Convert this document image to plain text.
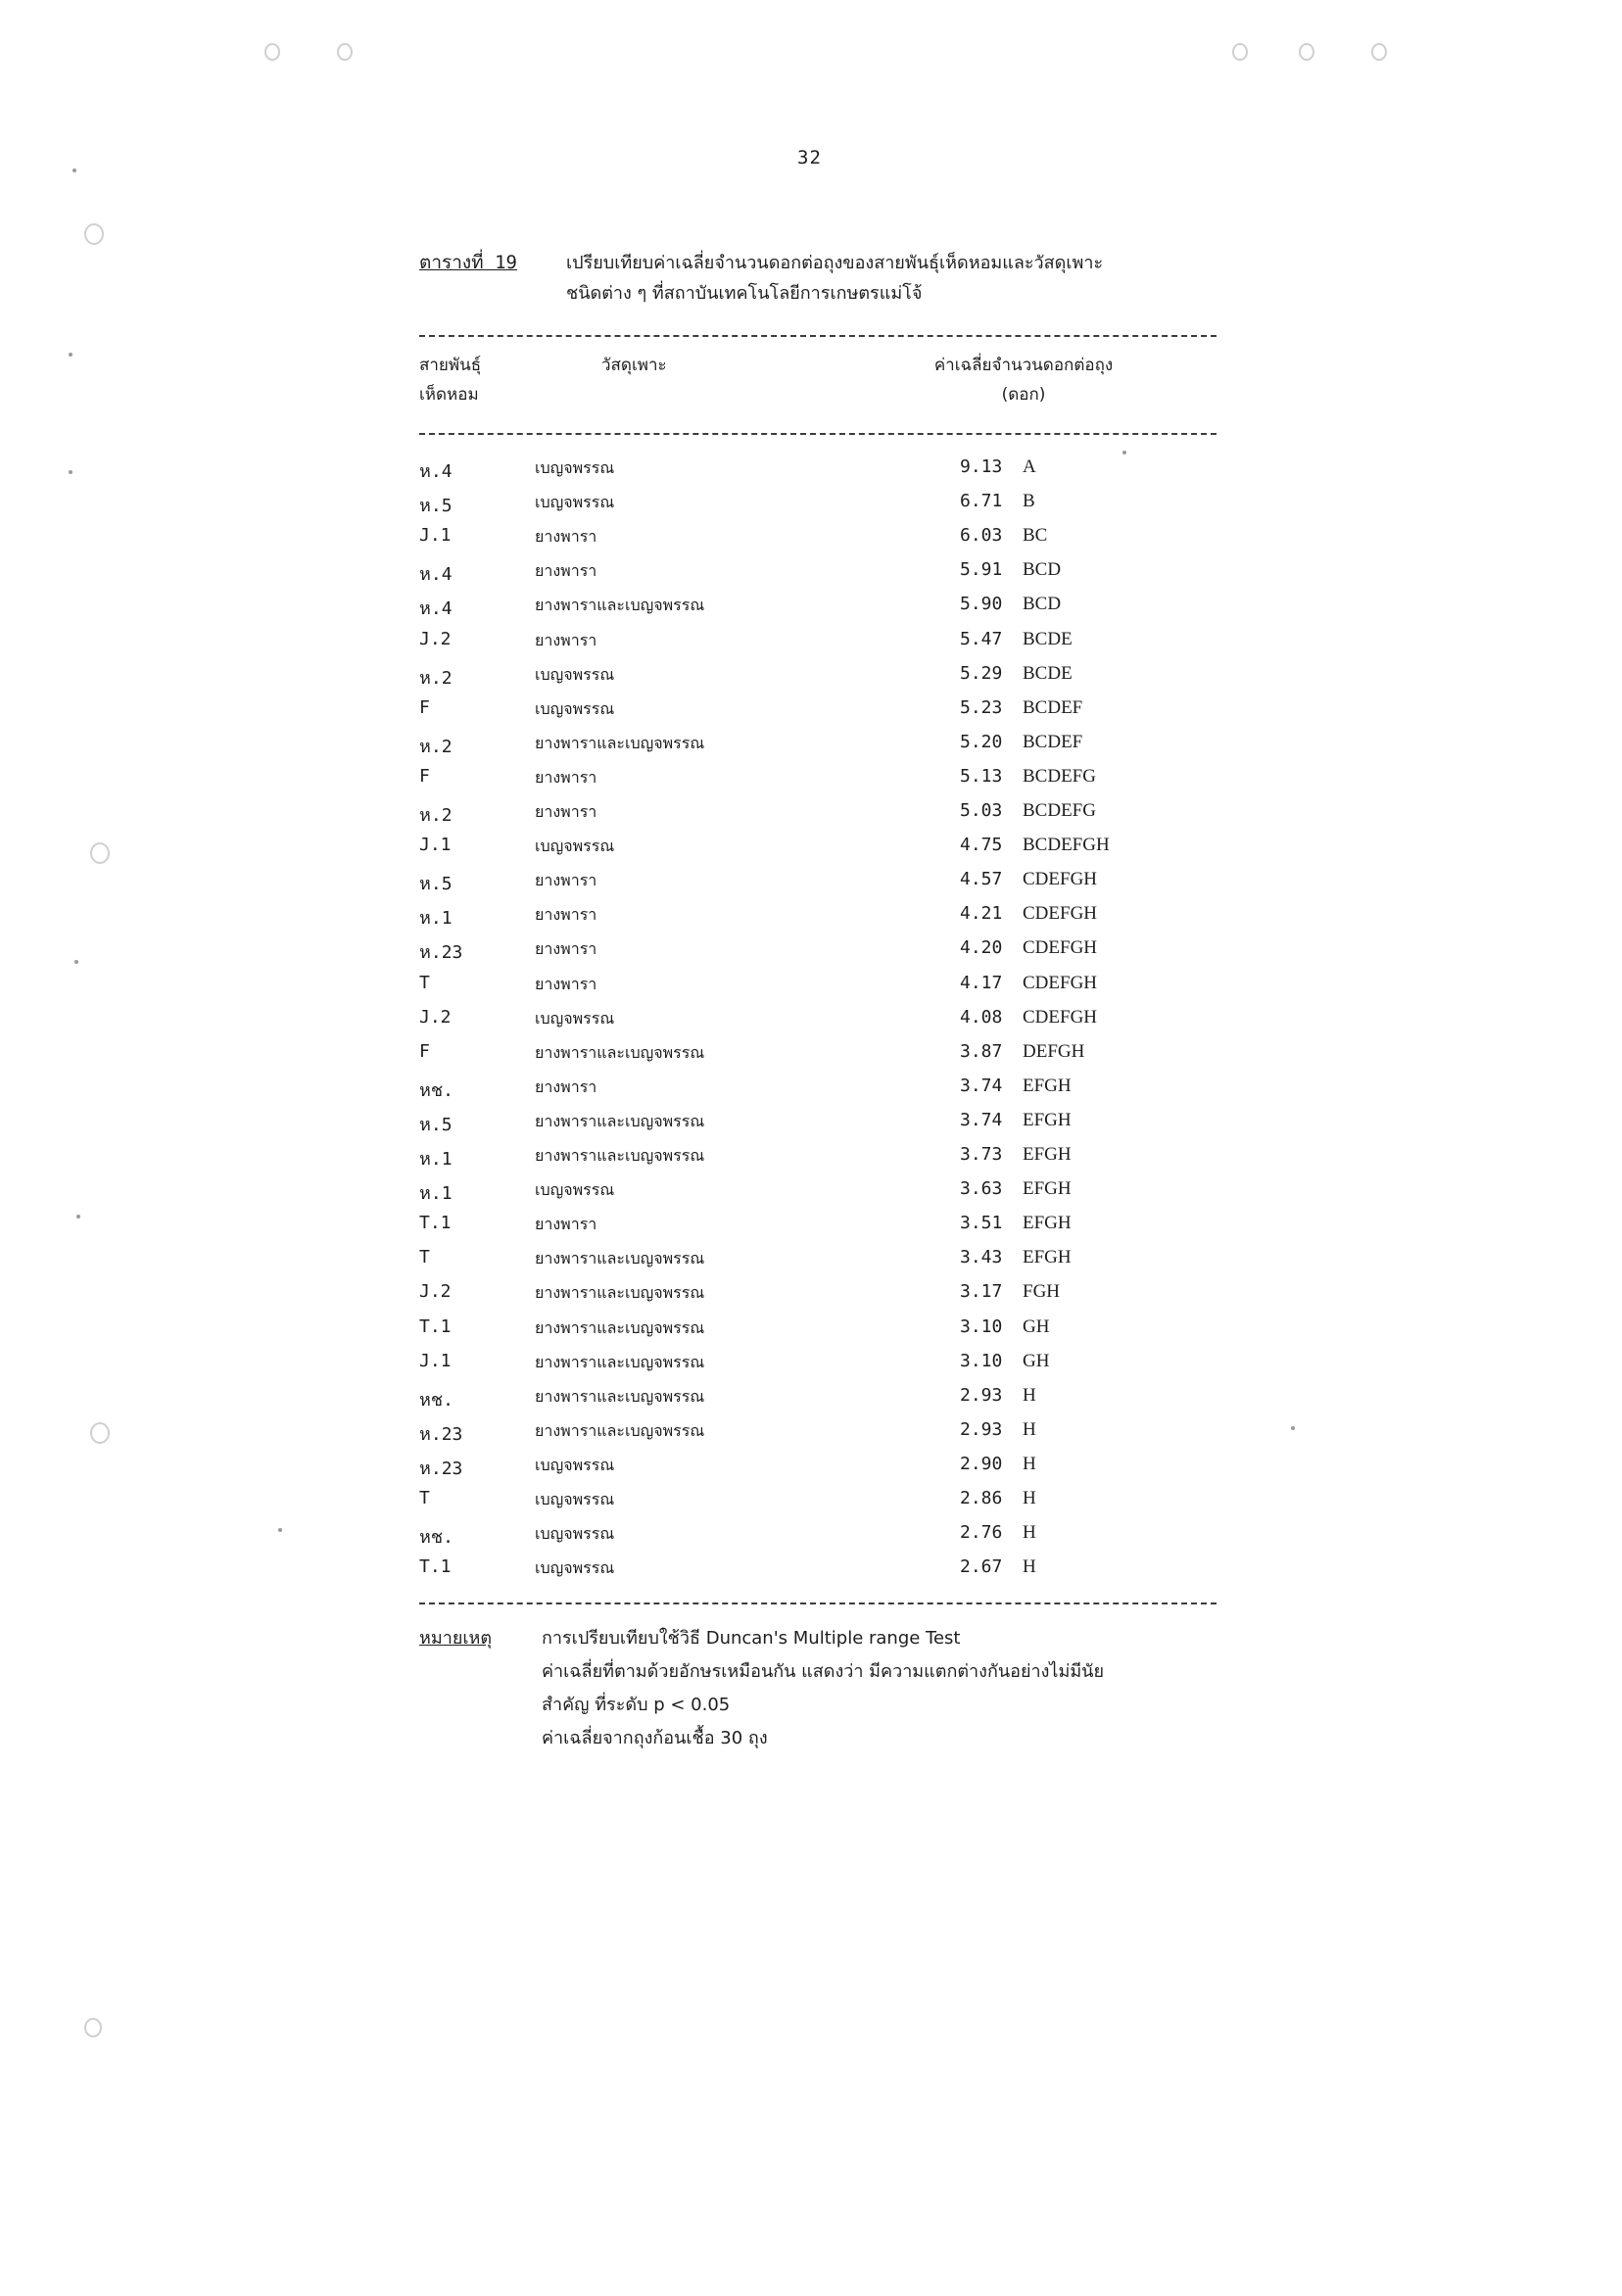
32
ตารางที่ 19	เปรียบเทียบค่าเฉลี่ยจำนวนดอกต่อถุงของสายพันธุ์เห็ดหอมและวัสดุเพาะ
ชนิดต่าง ๆ ที่สถาบันเทคโนโลยีการเกษตรแม่โจ้
สายพันธุ์
เห็ดหอม
วัสดุเพาะ	ค่าเฉลี่ยจำนวนดอกต่อถุง
(ดอก)
ห.4	เบญจพรรณ	9.13 A
ห.5	เบญจพรรณ	6.71 B
J.1	ยางพารา	6.03 BC
ห.4	ยางพารา	5.91 BCD
ห.4	ยางพาราและเบญจพรรณ	5.90 BCD
J.2	ยางพารา	5.47 BCDE
ห.2	เบญจพรรณ	5.29 BCDE
F	เบญจพรรณ	5.23 BCDEF
ห.2	ยางพาราและเบญจพรรณ	5.20 BCDEF
F	ยางพารา	5.13 BCDEFG
ห.2	ยางพารา	5.03 BCDEFG
J.1	เบญจพรรณ	4.75 BCDEFGH
ห.5	ยางพารา	4.57 CDEFGH
ห.1	ยางพารา	4.21 CDEFGH
ห.23	ยางพารา	4.20 CDEFGH
T	ยางพารา	4.17 CDEFGH
J.2	เบญจพรรณ	4.08 CDEFGH
F	ยางพาราและเบญจพรรณ	3.87 DEFGH
หช.	ยางพารา	3.74 EFGH
ห.5	ยางพาราและเบญจพรรณ	3.74 EFGH
ห.1	ยางพาราและเบญจพรรณ	3.73 EFGH
ห.1	เบญจพรรณ	3.63 EFGH
T.1	ยางพารา	3.51 EFGH
T	ยางพาราและเบญจพรรณ	3.43 EFGH
J.2	ยางพาราและเบญจพรรณ	3.17 FGH
T.1	ยางพาราและเบญจพรรณ	3.10 GH
J.1	ยางพาราและเบญจพรรณ	3.10 GH
หช.	ยางพาราและเบญจพรรณ	2.93 H
ห.23	ยางพาราและเบญจพรรณ	2.93 H
ห.23	เบญจพรรณ	2.90 H
T	เบญจพรรณ	2.86 H
หช.	เบญจพรรณ	2.76 H
T.1	เบญจพรรณ	2.67 H
หมายเหตุ	การเปรียบเทียบใช้วิธี Duncan's Multiple range Test
ค่าเฉลี่ยที่ตามด้วยอักษรเหมือนกัน แสดงว่า มีความแตกต่างกันอย่างไม่มีนัย
สำคัญ ที่ระดับ p < 0.05
ค่าเฉลี่ยจากถุงก้อนเชื้อ 30 ถุง
